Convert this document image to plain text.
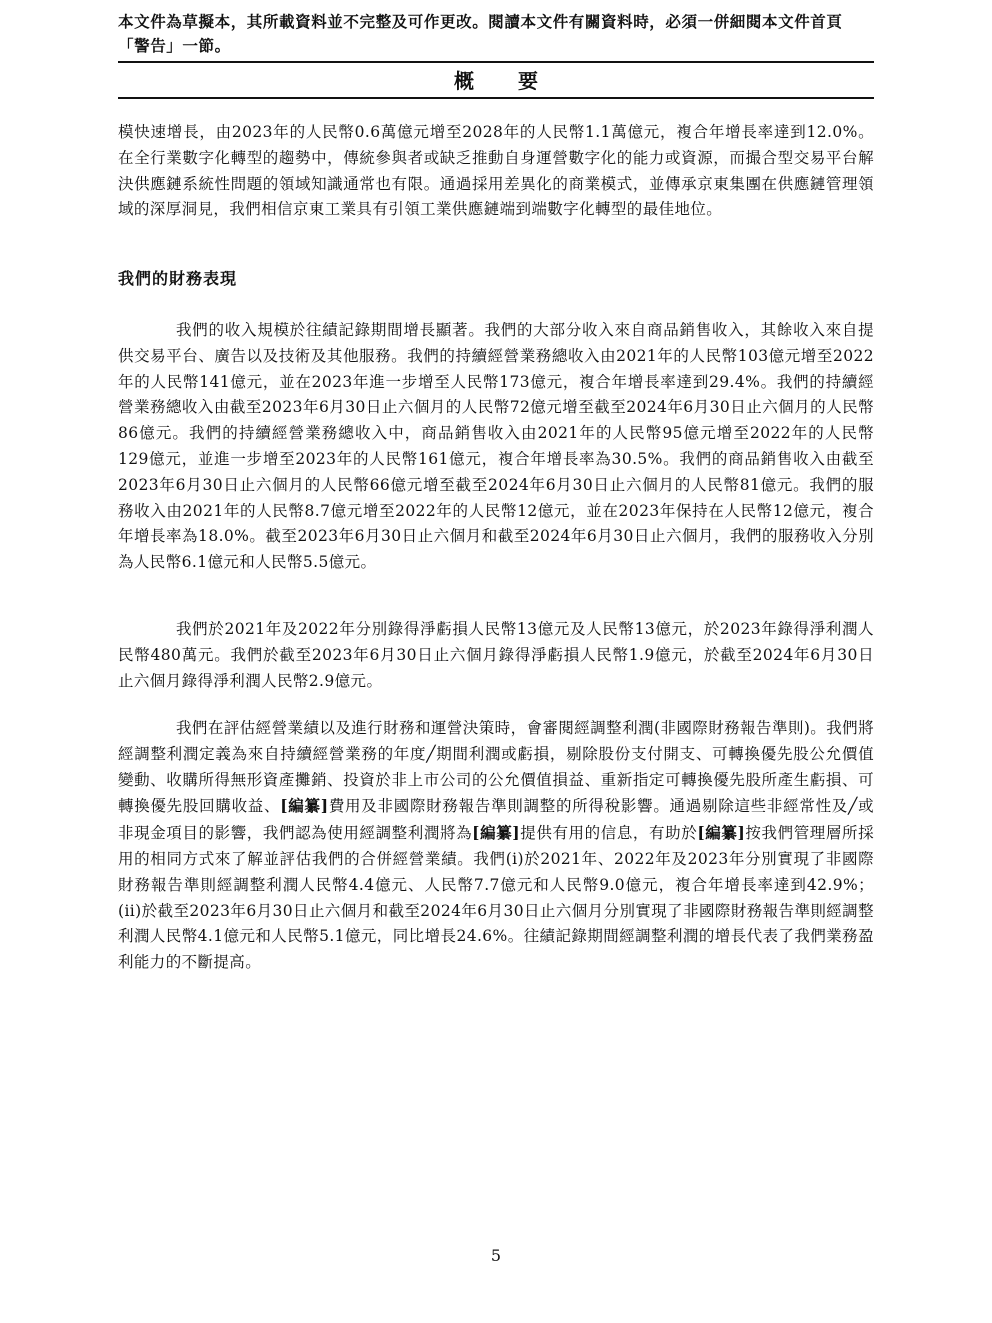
本文件為草擬本，其所載資料並不完整及可作更改。閱讀本文件有關資料時，必須一併細閱本文件首頁「警告」一節。
概要

模快速增長，由2023年的人民幣0.6萬億元增至2028年的人民幣1.1萬億元，複合年增長率達到12.0%。在全行業數字化轉型的趨勢中，傳統參與者或缺乏推動自身運營數字化的能力或資源，而撮合型交易平台解決供應鏈系統性問題的領域知識通常也有限。通過採用差異化的商業模式，並傳承京東集團在供應鏈管理領域的深厚洞見，我們相信京東工業具有引領工業供應鏈端到端數字化轉型的最佳地位。

我們的財務表現

我們的收入規模於往績記錄期間增長顯著。我們的大部分收入來自商品銷售收入，其餘收入來自提供交易平台、廣告以及技術及其他服務。我們的持續經營業務總收入由2021年的人民幣103億元增至2022年的人民幣141億元，並在2023年進一步增至人民幣173億元，複合年增長率達到29.4%。我們的持續經營業務總收入由截至2023年6月30日止六個月的人民幣72億元增至截至2024年6月30日止六個月的人民幣86億元。我們的持續經營業務總收入中，商品銷售收入由2021年的人民幣95億元增至2022年的人民幣129億元，並進一步增至2023年的人民幣161億元，複合年增長率為30.5%。我們的商品銷售收入由截至2023年6月30日止六個月的人民幣66億元增至截至2024年6月30日止六個月的人民幣81億元。我們的服務收入由2021年的人民幣8.7億元增至2022年的人民幣12億元，並在2023年保持在人民幣12億元，複合年增長率為18.0%。截至2023年6月30日止六個月和截至2024年6月30日止六個月，我們的服務收入分別為人民幣6.1億元和人民幣5.5億元。

我們於2021年及2022年分別錄得淨虧損人民幣13億元及人民幣13億元，於2023年錄得淨利潤人民幣480萬元。我們於截至2023年6月30日止六個月錄得淨虧損人民幣1.9億元，於截至2024年6月30日止六個月錄得淨利潤人民幣2.9億元。

我們在評估經營業績以及進行財務和運營決策時，會審閱經調整利潤(非國際財務報告準則)。我們將經調整利潤定義為來自持續經營業務的年度╱期間利潤或虧損，剔除股份支付開支、可轉換優先股公允價值變動、收購所得無形資產攤銷、投資於非上市公司的公允價值損益、重新指定可轉換優先股所產生虧損、可轉換優先股回購收益、[編纂]費用及非國際財務報告準則調整的所得稅影響。通過剔除這些非經常性及╱或非現金項目的影響，我們認為使用經調整利潤將為[編纂]提供有用的信息，有助於[編纂]按我們管理層所採用的相同方式來了解並評估我們的合併經營業績。我們(i)於2021年、2022年及2023年分別實現了非國際財務報告準則經調整利潤人民幣4.4億元、人民幣7.7億元和人民幣9.0億元，複合年增長率達到42.9%；(ii)於截至2023年6月30日止六個月和截至2024年6月30日止六個月分別實現了非國際財務報告準則經調整利潤人民幣4.1億元和人民幣5.1億元，同比增長24.6%。往績記錄期間經調整利潤的增長代表了我們業務盈利能力的不斷提高。

5
